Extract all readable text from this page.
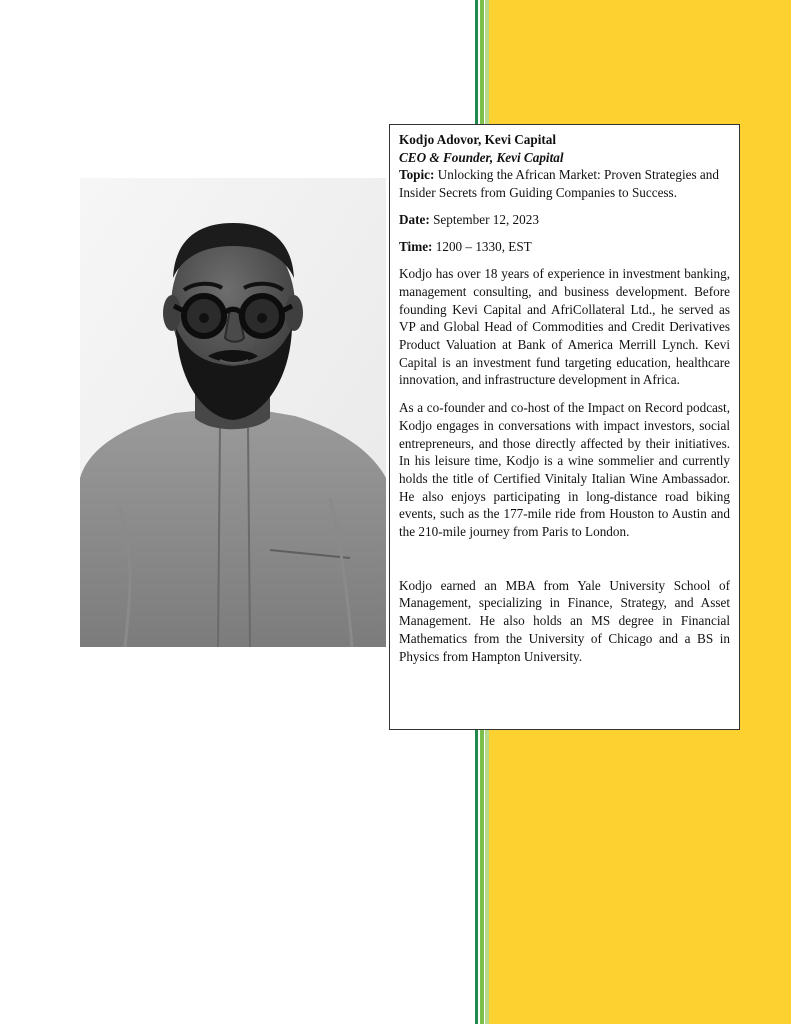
Kodjo Adovor, Kevi Capital
CEO & Founder, Kevi Capital

Topic: Unlocking the African Market: Proven Strategies and Insider Secrets from Guiding Companies to Success.

Date: September 12, 2023
Time: 1200 – 1330, EST

Kodjo has over 18 years of experience in investment banking, management consulting, and business development. Before founding Kevi Capital and AfriCollateral Ltd., he served as VP and Global Head of Commodities and Credit Derivatives Product Valuation at Bank of America Merrill Lynch. Kevi Capital is an investment fund targeting education, healthcare innovation, and infrastructure development in Africa.

As a co-founder and co-host of the Impact on Record podcast, Kodjo engages in conversations with impact investors, social entrepreneurs, and those directly affected by their initiatives. In his leisure time, Kodjo is a wine sommelier and currently holds the title of Certified Vinitaly Italian Wine Ambassador. He also enjoys participating in long-distance road biking events, such as the 177-mile ride from Houston to Austin and the 210-mile journey from Paris to London.

Kodjo earned an MBA from Yale University School of Management, specializing in Finance, Strategy, and Asset Management. He also holds an MS degree in Financial Mathematics from the University of Chicago and a BS in Physics from Hampton University.
